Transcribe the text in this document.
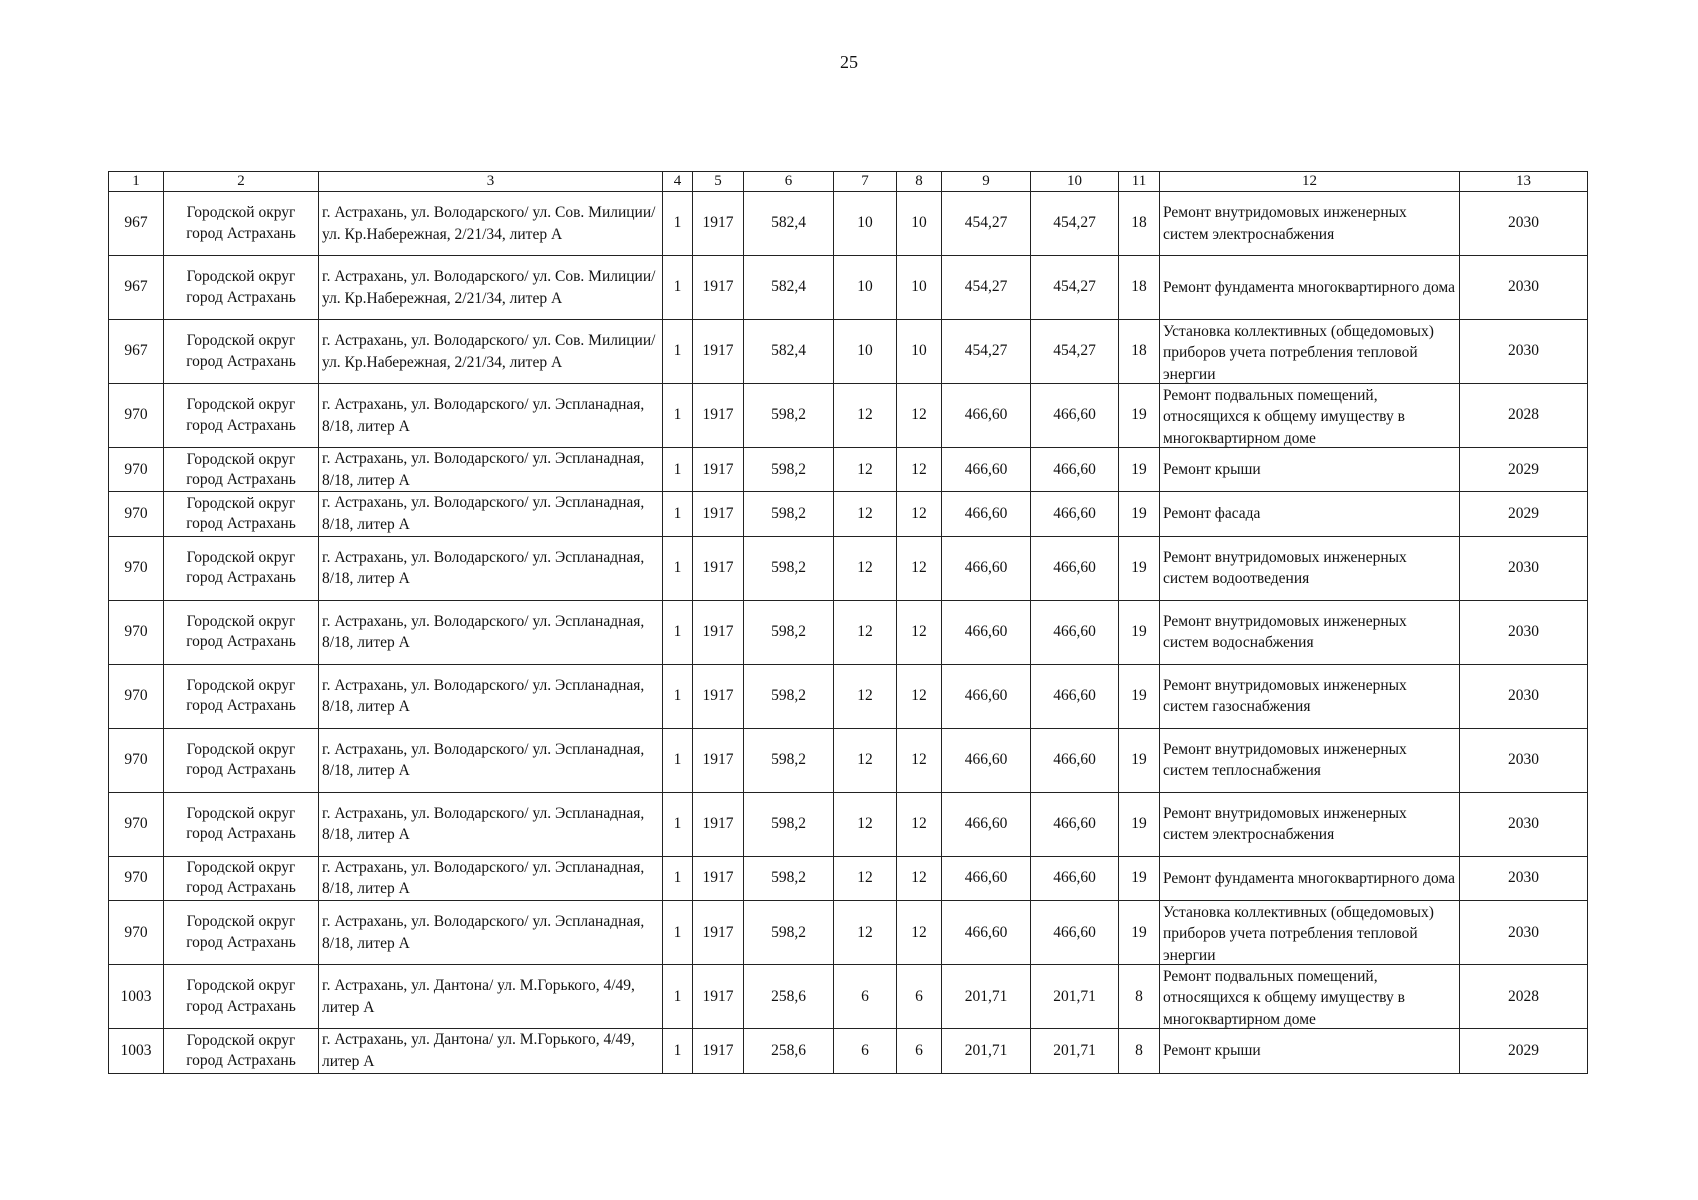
25
1	2	3	4	5	6	7	8	9	10	11	12	13
967	Городской округ город Астрахань	г. Астрахань, ул. Володарского/ ул. Сов. Милиции/ ул. Кр.Набережная, 2/21/34, литер А	1	1917	582,4	10	10	454,27	454,27	18	Ремонт внутридомовых инженерных систем электроснабжения	2030
967	Городской округ город Астрахань	г. Астрахань, ул. Володарского/ ул. Сов. Милиции/ ул. Кр.Набережная, 2/21/34, литер А	1	1917	582,4	10	10	454,27	454,27	18	Ремонт фундамента многоквартирного дома	2030
967	Городской округ город Астрахань	г. Астрахань, ул. Володарского/ ул. Сов. Милиции/ ул. Кр.Набережная, 2/21/34, литер А	1	1917	582,4	10	10	454,27	454,27	18	Установка коллективных (общедомовых) приборов учета потребления тепловой энергии	2030
970	Городской округ город Астрахань	г. Астрахань, ул. Володарского/ ул. Эспланадная, 8/18, литер А	1	1917	598,2	12	12	466,60	466,60	19	Ремонт подвальных помещений, относящихся к общему имуществу в многоквартирном доме	2028
970	Городской округ город Астрахань	г. Астрахань, ул. Володарского/ ул. Эспланадная, 8/18, литер А	1	1917	598,2	12	12	466,60	466,60	19	Ремонт крыши	2029
970	Городской округ город Астрахань	г. Астрахань, ул. Володарского/ ул. Эспланадная, 8/18, литер А	1	1917	598,2	12	12	466,60	466,60	19	Ремонт фасада	2029
970	Городской округ город Астрахань	г. Астрахань, ул. Володарского/ ул. Эспланадная, 8/18, литер А	1	1917	598,2	12	12	466,60	466,60	19	Ремонт внутридомовых инженерных систем водоотведения	2030
970	Городской округ город Астрахань	г. Астрахань, ул. Володарского/ ул. Эспланадная, 8/18, литер А	1	1917	598,2	12	12	466,60	466,60	19	Ремонт внутридомовых инженерных систем водоснабжения	2030
970	Городской округ город Астрахань	г. Астрахань, ул. Володарского/ ул. Эспланадная, 8/18, литер А	1	1917	598,2	12	12	466,60	466,60	19	Ремонт внутридомовых инженерных систем газоснабжения	2030
970	Городской округ город Астрахань	г. Астрахань, ул. Володарского/ ул. Эспланадная, 8/18, литер А	1	1917	598,2	12	12	466,60	466,60	19	Ремонт внутридомовых инженерных систем теплоснабжения	2030
970	Городской округ город Астрахань	г. Астрахань, ул. Володарского/ ул. Эспланадная, 8/18, литер А	1	1917	598,2	12	12	466,60	466,60	19	Ремонт внутридомовых инженерных систем электроснабжения	2030
970	Городской округ город Астрахань	г. Астрахань, ул. Володарского/ ул. Эспланадная, 8/18, литер А	1	1917	598,2	12	12	466,60	466,60	19	Ремонт фундамента многоквартирного дома	2030
970	Городской округ город Астрахань	г. Астрахань, ул. Володарского/ ул. Эспланадная, 8/18, литер А	1	1917	598,2	12	12	466,60	466,60	19	Установка коллективных (общедомовых) приборов учета потребления тепловой энергии	2030
1003	Городской округ город Астрахань	г. Астрахань, ул. Дантона/ ул. М.Горького, 4/49, литер А	1	1917	258,6	6	6	201,71	201,71	8	Ремонт подвальных помещений, относящихся к общему имуществу в многоквартирном доме	2028
1003	Городской округ город Астрахань	г. Астрахань, ул. Дантона/ ул. М.Горького, 4/49, литер А	1	1917	258,6	6	6	201,71	201,71	8	Ремонт крыши	2029
